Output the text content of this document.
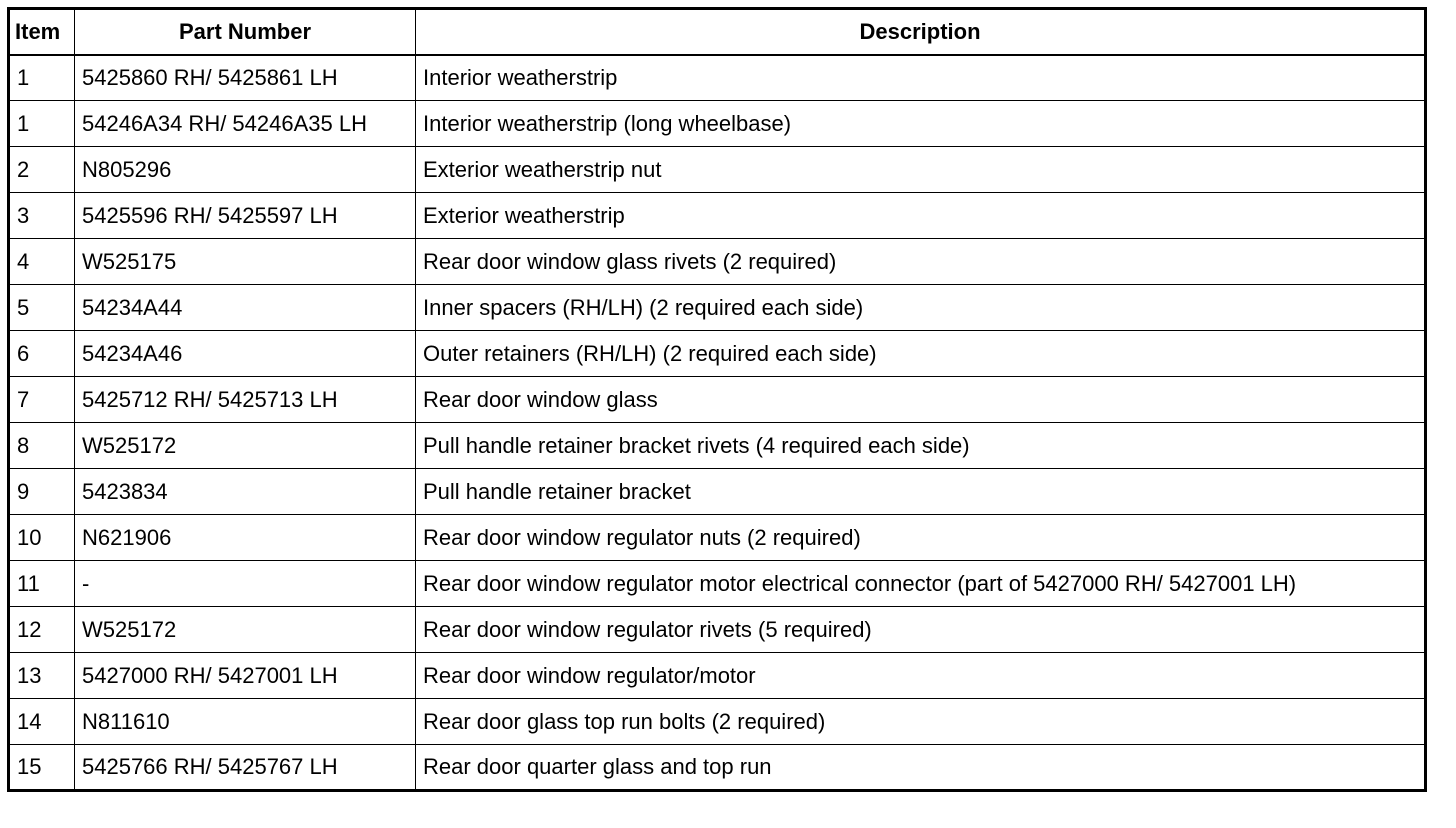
Item	Part Number	Description
1	5425860 RH/ 5425861 LH	Interior weatherstrip
1	54246A34 RH/ 54246A35 LH	Interior weatherstrip (long wheelbase)
2	N805296	Exterior weatherstrip nut
3	5425596 RH/ 5425597 LH	Exterior weatherstrip
4	W525175	Rear door window glass rivets (2 required)
5	54234A44	Inner spacers (RH/LH) (2 required each side)
6	54234A46	Outer retainers (RH/LH) (2 required each side)
7	5425712 RH/ 5425713 LH	Rear door window glass
8	W525172	Pull handle retainer bracket rivets (4 required each side)
9	5423834	Pull handle retainer bracket
10	N621906	Rear door window regulator nuts (2 required)
11	-	Rear door window regulator motor electrical connector (part of 5427000 RH/ 5427001 LH)
12	W525172	Rear door window regulator rivets (5 required)
13	5427000 RH/ 5427001 LH	Rear door window regulator/motor
14	N811610	Rear door glass top run bolts (2 required)
15	5425766 RH/ 5425767 LH	Rear door quarter glass and top run
